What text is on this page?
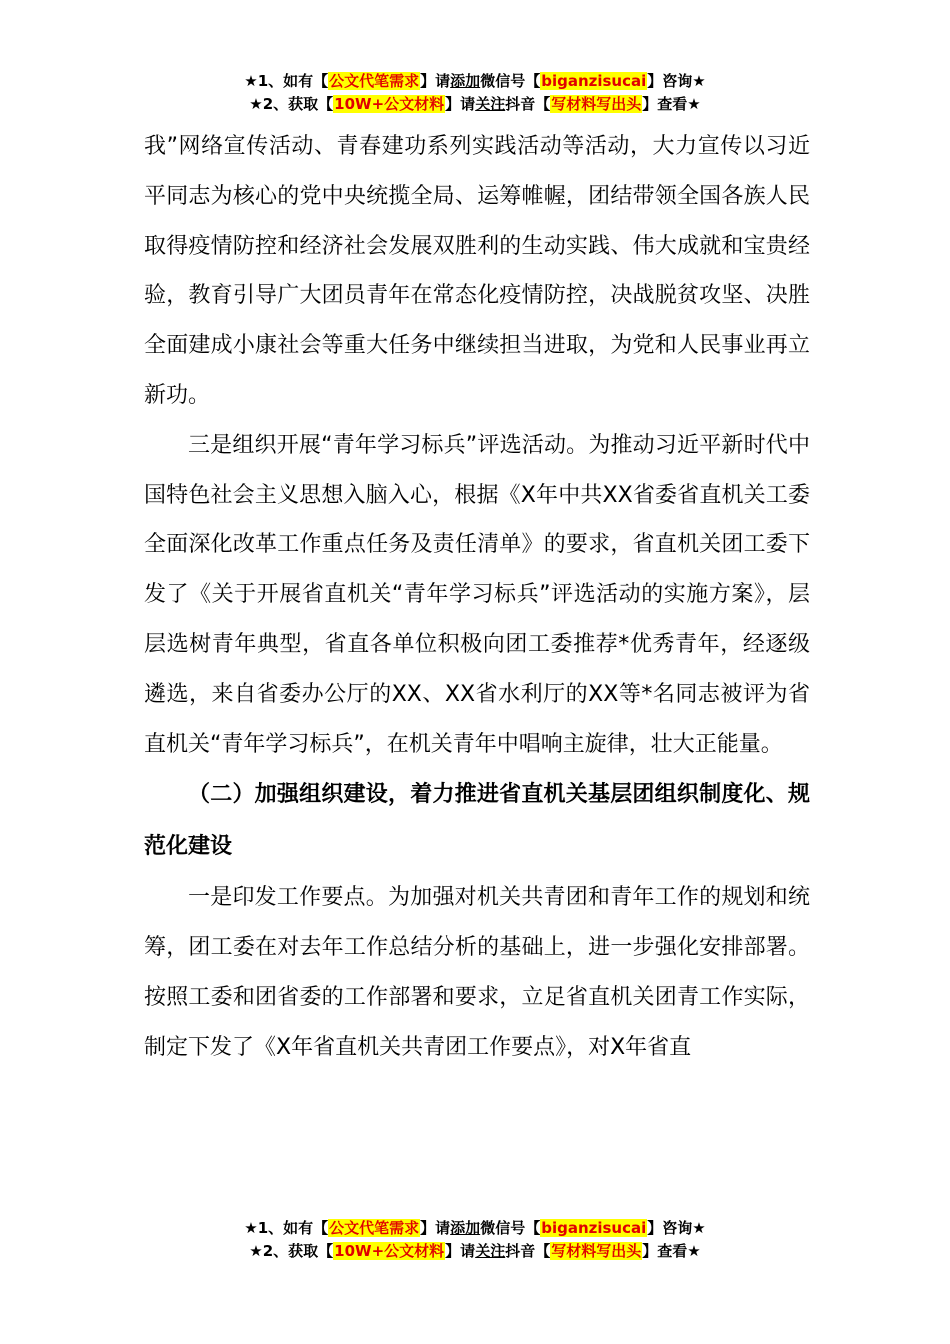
★1、如有【公文代笔需求】请添加微信号【biganzisucai】咨询★
★2、获取【10W+公文材料】请关注抖音【写材料写出头】查看★

我”网络宣传活动、青春建功系列实践活动等活动，大力宣传以习近平同志为核心的党中央统揽全局、运筹帷幄，团结带领全国各族人民取得疫情防控和经济社会发展双胜利的生动实践、伟大成就和宝贵经验，教育引导广大团员青年在常态化疫情防控，决战脱贫攻坚、决胜全面建成小康社会等重大任务中继续担当进取，为党和人民事业再立新功。

三是组织开展“青年学习标兵”评选活动。为推动习近平新时代中国特色社会主义思想入脑入心，根据《X年中共XX省委省直机关工委全面深化改革工作重点任务及责任清单》的要求，省直机关团工委下发了《关于开展省直机关“青年学习标兵”评选活动的实施方案》，层层选树青年典型，省直各单位积极向团工委推荐*优秀青年，经逐级遴选，来自省委办公厅的XX、XX省水利厅的XX等*名同志被评为省直机关“青年学习标兵”，在机关青年中唱响主旋律，壮大正能量。

（二）加强组织建设，着力推进省直机关基层团组织制度化、规范化建设

一是印发工作要点。为加强对机关共青团和青年工作的规划和统筹，团工委在对去年工作总结分析的基础上，进一步强化安排部署。按照工委和团省委的工作部署和要求，立足省直机关团青工作实际，制定下发了《X年省直机关共青团工作要点》，对X年省直

★1、如有【公文代笔需求】请添加微信号【biganzisucai】咨询★
★2、获取【10W+公文材料】请关注抖音【写材料写出头】查看★
